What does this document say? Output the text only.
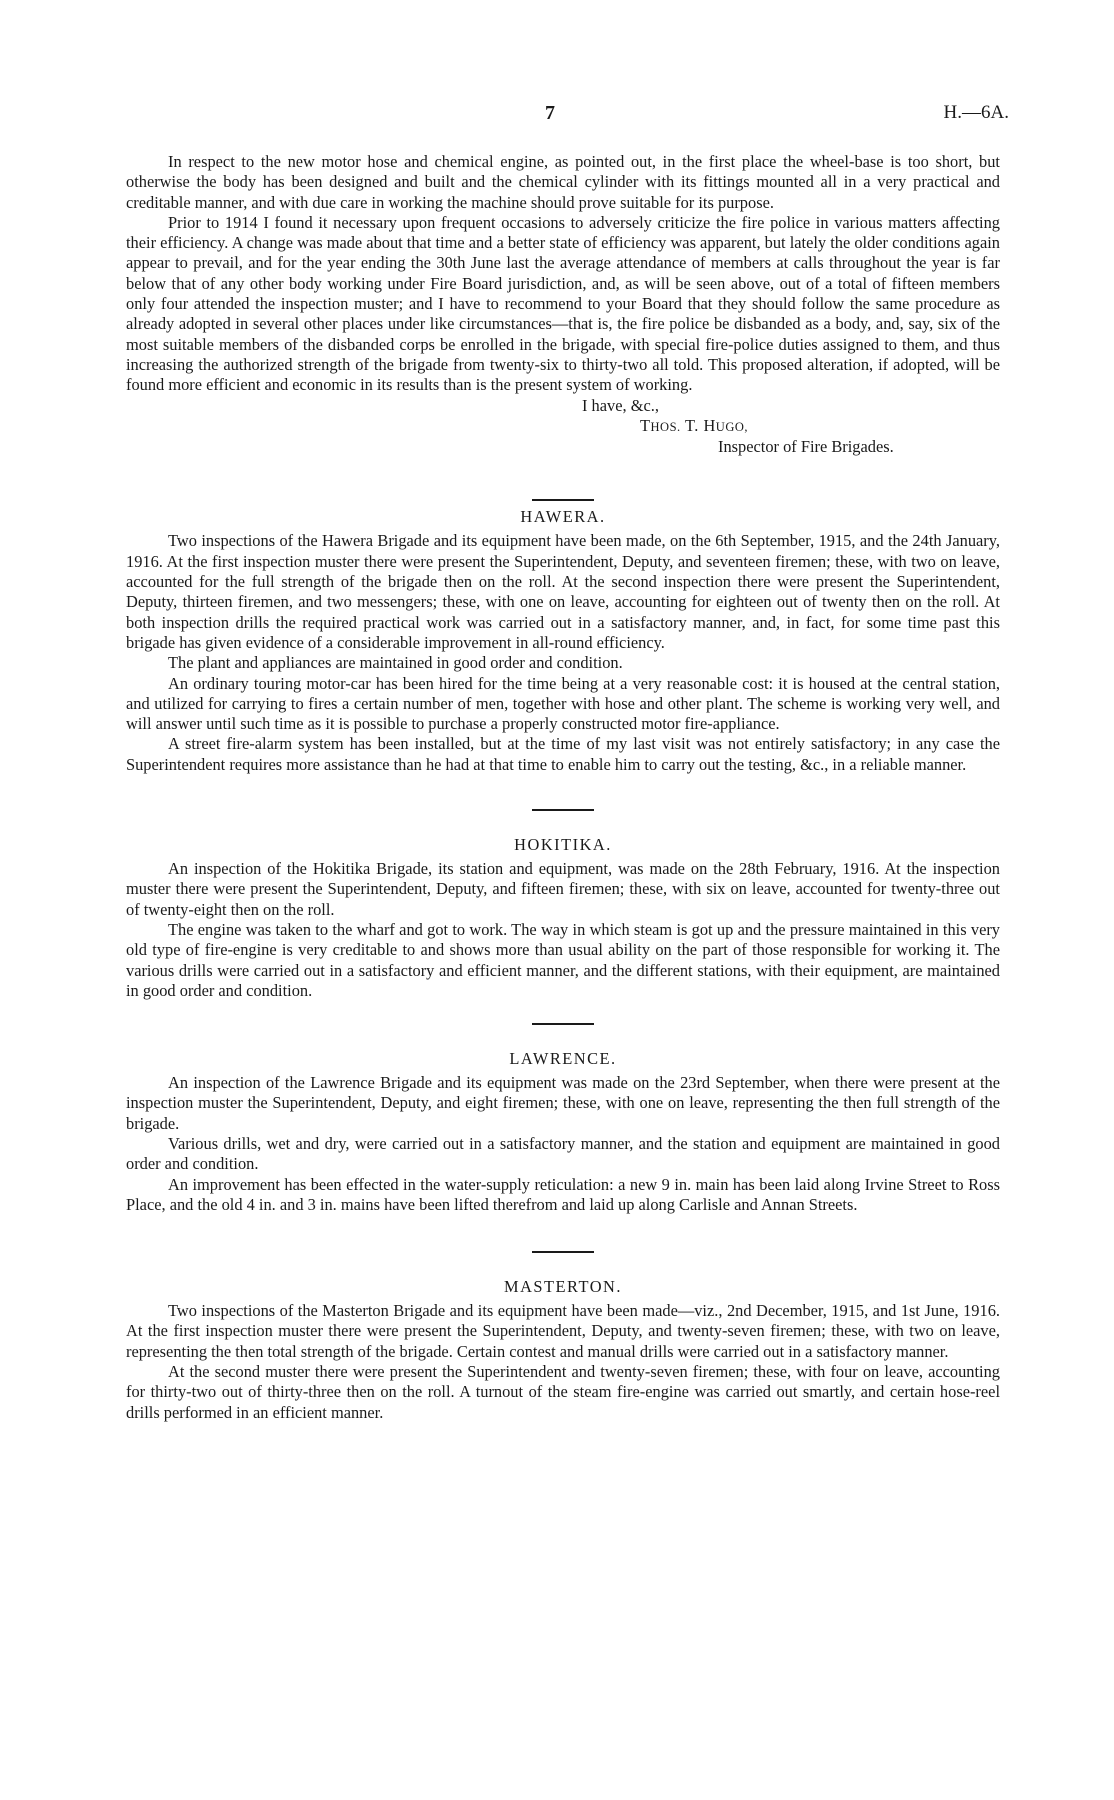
7	H.—6A.

In respect to the new motor hose and chemical engine, as pointed out, in the first place the wheel-base is too short, but otherwise the body has been designed and built and the chemical cylinder with its fittings mounted all in a very practical and creditable manner, and with due care in working the machine should prove suitable for its purpose.

Prior to 1914 I found it necessary upon frequent occasions to adversely criticize the fire police in various matters affecting their efficiency. A change was made about that time and a better state of efficiency was apparent, but lately the older conditions again appear to prevail, and for the year ending the 30th June last the average attendance of members at calls throughout the year is far below that of any other body working under Fire Board jurisdiction, and, as will be seen above, out of a total of fifteen members only four attended the inspection muster; and I have to recommend to your Board that they should follow the same procedure as already adopted in several other places under like circumstances—that is, the fire police be disbanded as a body, and, say, six of the most suitable members of the disbanded corps be enrolled in the brigade, with special fire-police duties assigned to them, and thus increasing the authorized strength of the brigade from twenty-six to thirty-two all told. This proposed alteration, if adopted, will be found more efficient and economic in its results than is the present system of working.

I have, &c.,
THOS. T. HUGO,
Inspector of Fire Brigades.
HAWERA.

Two inspections of the Hawera Brigade and its equipment have been made, on the 6th September, 1915, and the 24th January, 1916. At the first inspection muster there were present the Superintendent, Deputy, and seventeen firemen; these, with two on leave, accounted for the full strength of the brigade then on the roll. At the second inspection there were present the Superintendent, Deputy, thirteen firemen, and two messengers; these, with one on leave, accounting for eighteen out of twenty then on the roll. At both inspection drills the required practical work was carried out in a satisfactory manner, and, in fact, for some time past this brigade has given evidence of a considerable improvement in all-round efficiency.

The plant and appliances are maintained in good order and condition.

An ordinary touring motor-car has been hired for the time being at a very reasonable cost: it is housed at the central station, and utilized for carrying to fires a certain number of men, together with hose and other plant. The scheme is working very well, and will answer until such time as it is possible to purchase a properly constructed motor fire-appliance.

A street fire-alarm system has been installed, but at the time of my last visit was not entirely satisfactory; in any case the Superintendent requires more assistance than he had at that time to enable him to carry out the testing, &c., in a reliable manner.

HOKITIKA.

An inspection of the Hokitika Brigade, its station and equipment, was made on the 28th February, 1916. At the inspection muster there were present the Superintendent, Deputy, and fifteen firemen; these, with six on leave, accounted for twenty-three out of twenty-eight then on the roll.

The engine was taken to the wharf and got to work. The way in which steam is got up and the pressure maintained in this very old type of fire-engine is very creditable to and shows more than usual ability on the part of those responsible for working it. The various drills were carried out in a satisfactory and efficient manner, and the different stations, with their equipment, are maintained in good order and condition.

LAWRENCE.

An inspection of the Lawrence Brigade and its equipment was made on the 23rd September, when there were present at the inspection muster the Superintendent, Deputy, and eight firemen; these, with one on leave, representing the then full strength of the brigade.

Various drills, wet and dry, were carried out in a satisfactory manner, and the station and equipment are maintained in good order and condition.

An improvement has been effected in the water-supply reticulation: a new 9 in. main has been laid along Irvine Street to Ross Place, and the old 4 in. and 3 in. mains have been lifted therefrom and laid up along Carlisle and Annan Streets.

MASTERTON.

Two inspections of the Masterton Brigade and its equipment have been made—viz., 2nd December, 1915, and 1st June, 1916. At the first inspection muster there were present the Superintendent, Deputy, and twenty-seven firemen; these, with two on leave, representing the then total strength of the brigade. Certain contest and manual drills were carried out in a satisfactory manner.

At the second muster there were present the Superintendent and twenty-seven firemen; these, with four on leave, accounting for thirty-two out of thirty-three then on the roll. A turnout of the steam fire-engine was carried out smartly, and certain hose-reel drills performed in an efficient manner.
